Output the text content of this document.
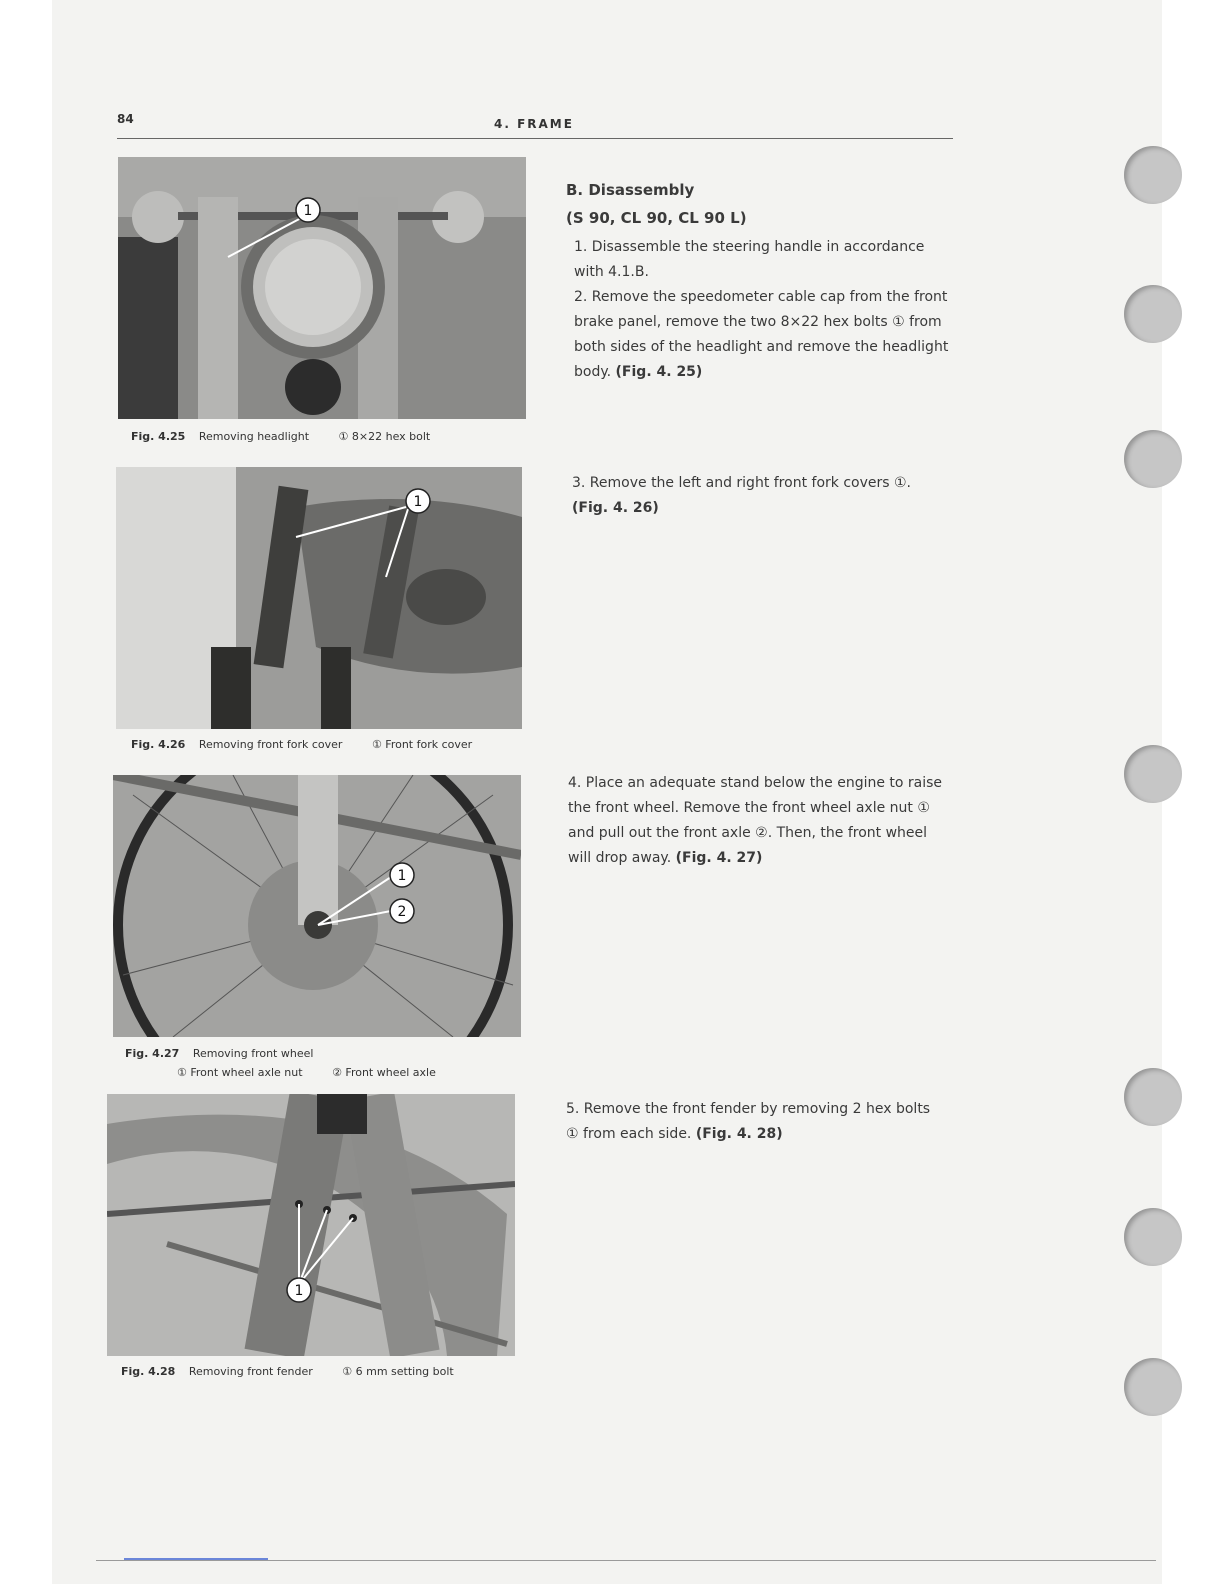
84	4. FRAME
1
Fig. 4.25 Removing headlight	① 8×22 hex bolt
1
Fig. 4.26 Removing front fork cover	① Front fork cover
1
2
Fig. 4.27 Removing front wheel
① Front wheel axle nut	② Front wheel axle
1
Fig. 4.28 Removing front fender	① 6 mm setting bolt

B. Disassembly

(S 90, CL 90, CL 90 L)

1. Disassemble the steering handle in accordance with 4.1.B.

2. Remove the speedometer cable cap from the front brake panel, remove the two 8×22 hex bolts ① from both sides of the headlight and remove the headlight body. (Fig. 4. 25)

3. Remove the left and right front fork covers ①. (Fig. 4. 26)

4. Place an adequate stand below the engine to raise the front wheel. Remove the front wheel axle nut ① and pull out the front axle ②. Then, the front wheel will drop away. (Fig. 4. 27)

5. Remove the front fender by removing 2 hex bolts ① from each side. (Fig. 4. 28)
